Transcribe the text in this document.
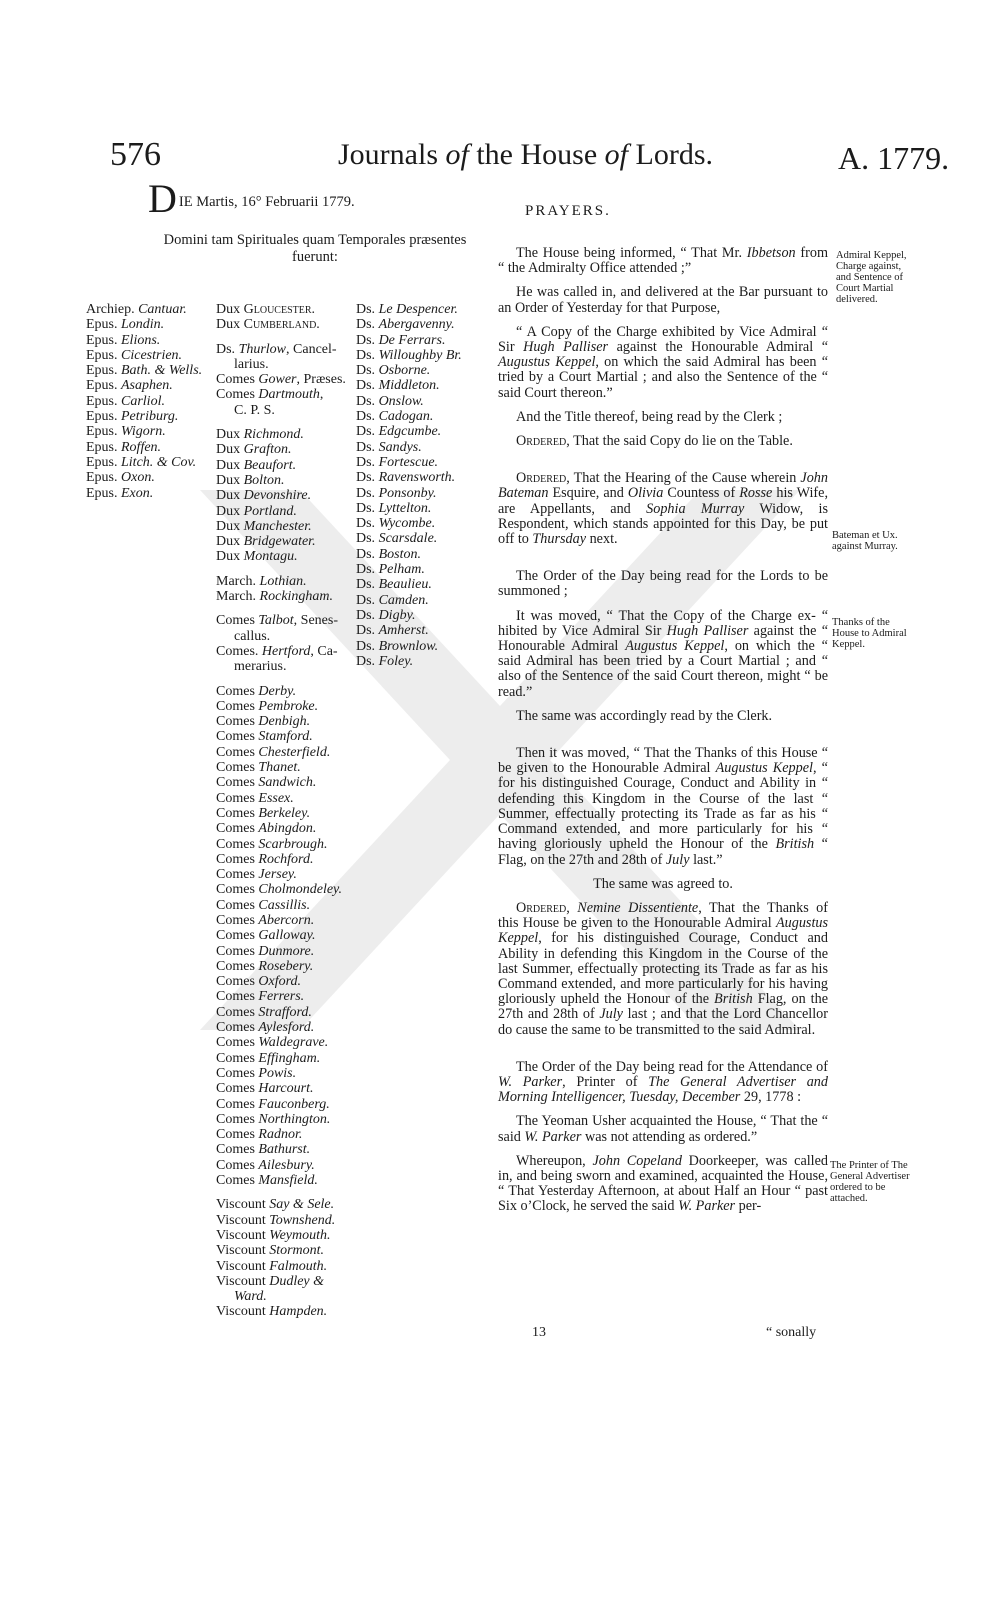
576	Journals of the House of Lords.	A. 1779.
DIE Martis, 16° Februarii 1779.
PRAYERS.
Domini tam Spirituales quam Temporales præsentes fuerunt:
Archiep. Cantuar.
Epus. Londin.
Epus. Elions.
Epus. Cicestrien.
Epus. Bath. & Wells.
Epus. Asaphen.
Epus. Carliol.
Epus. Petriburg.
Epus. Wigorn.
Epus. Roffen.
Epus. Litch. & Cov.
Epus. Oxon.
Epus. Exon.
Dux Gloucester.
Dux Cumberland.
Ds. Thurlow, Cancel-
larius.
Comes Gower, Præses.
Comes Dartmouth,
C. P. S.
Dux Richmond.
Dux Grafton.
Dux Beaufort.
Dux Bolton.
Dux Devonshire.
Dux Portland.
Dux Manchester.
Dux Bridgewater.
Dux Montagu.
March. Lothian.
March. Rockingham.
Comes Talbot, Senes-
callus.
Comes. Hertford, Ca-
merarius.
Comes Derby.
Comes Pembroke.
Comes Denbigh.
Comes Stamford.
Comes Chesterfield.
Comes Thanet.
Comes Sandwich.
Comes Essex.
Comes Berkeley.
Comes Abingdon.
Comes Scarbrough.
Comes Rochford.
Comes Jersey.
Comes Cholmondeley.
Comes Cassillis.
Comes Abercorn.
Comes Galloway.
Comes Dunmore.
Comes Rosebery.
Comes Oxford.
Comes Ferrers.
Comes Strafford.
Comes Aylesford.
Comes Waldegrave.
Comes Effingham.
Comes Powis.
Comes Harcourt.
Comes Fauconberg.
Comes Northington.
Comes Radnor.
Comes Bathurst.
Comes Ailesbury.
Comes Mansfield.
Viscount Say & Sele.
Viscount Townshend.
Viscount Weymouth.
Viscount Stormont.
Viscount Falmouth.
Viscount Dudley &
Ward.
Viscount Hampden.
Ds. Le Despencer.
Ds. Abergavenny.
Ds. De Ferrars.
Ds. Willoughby Br.
Ds. Osborne.
Ds. Middleton.
Ds. Onslow.
Ds. Cadogan.
Ds. Edgcumbe.
Ds. Sandys.
Ds. Fortescue.
Ds. Ravensworth.
Ds. Ponsonby.
Ds. Lyttelton.
Ds. Wycombe.
Ds. Scarsdale.
Ds. Boston.
Ds. Pelham.
Ds. Beaulieu.
Ds. Camden.
Ds. Digby.
Ds. Amherst.
Ds. Brownlow.
Ds. Foley.

The House being informed, “ That Mr. Ibbetson from “ the Admiralty Office attended ;”

He was called in, and delivered at the Bar pursuant to an Order of Yesterday for that Purpose,

“ A Copy of the Charge exhibited by Vice Admiral “ Sir Hugh Palliser against the Honourable Admiral “ Augustus Keppel, on which the said Admiral has been “ tried by a Court Martial ; and also the Sentence of the “ said Court thereon.”

And the Title thereof, being read by the Clerk ;

Ordered, That the said Copy do lie on the Table.

Ordered, That the Hearing of the Cause wherein John Bateman Esquire, and Olivia Countess of Rosse his Wife, are Appellants, and Sophia Murray Widow, is Respondent, which stands appointed for this Day, be put off to Thursday next.

The Order of the Day being read for the Lords to be summoned ;

It was moved, “ That the Copy of the Charge ex- “ hibited by Vice Admiral Sir Hugh Palliser against the “ Honourable Admiral Augustus Keppel, on which the “ said Admiral has been tried by a Court Martial ; and “ also of the Sentence of the said Court thereon, might “ be read.”

The same was accordingly read by the Clerk.

Then it was moved, “ That the Thanks of this House “ be given to the Honourable Admiral Augustus Keppel, “ for his distinguished Courage, Conduct and Ability in “ defending this Kingdom in the Course of the last “ Summer, effectually protecting its Trade as far as his “ Command extended, and more particularly for his “ having gloriously upheld the Honour of the British “ Flag, on the 27th and 28th of July last.”

The same was agreed to.

Ordered, Nemine Dissentiente, That the Thanks of this House be given to the Honourable Admiral Augustus Keppel, for his distinguished Courage, Conduct and Ability in defending this Kingdom in the Course of the last Summer, effectually protecting its Trade as far as his Command extended, and more particularly for his having gloriously upheld the Honour of the British Flag, on the 27th and 28th of July last ; and that the Lord Chancellor do cause the same to be transmitted to the said Admiral.

The Order of the Day being read for the Attendance of W. Parker, Printer of The General Advertiser and Morning Intelligencer, Tuesday, December 29, 1778 :

The Yeoman Usher acquainted the House, “ That the “ said W. Parker was not attending as ordered.”

Whereupon, John Copeland Doorkeeper, was called in, and being sworn and examined, acquainted the House, “ That Yesterday Afternoon, at about Half an Hour “ past Six o’Clock, he served the said W. Parker per-

Admiral Keppel, Charge against, and Sentence of Court Martial delivered.
Bateman et Ux. against Murray.
Thanks of the House to Admiral Keppel.
The Printer of The General Advertiser ordered to be attached.
13	“ sonally
